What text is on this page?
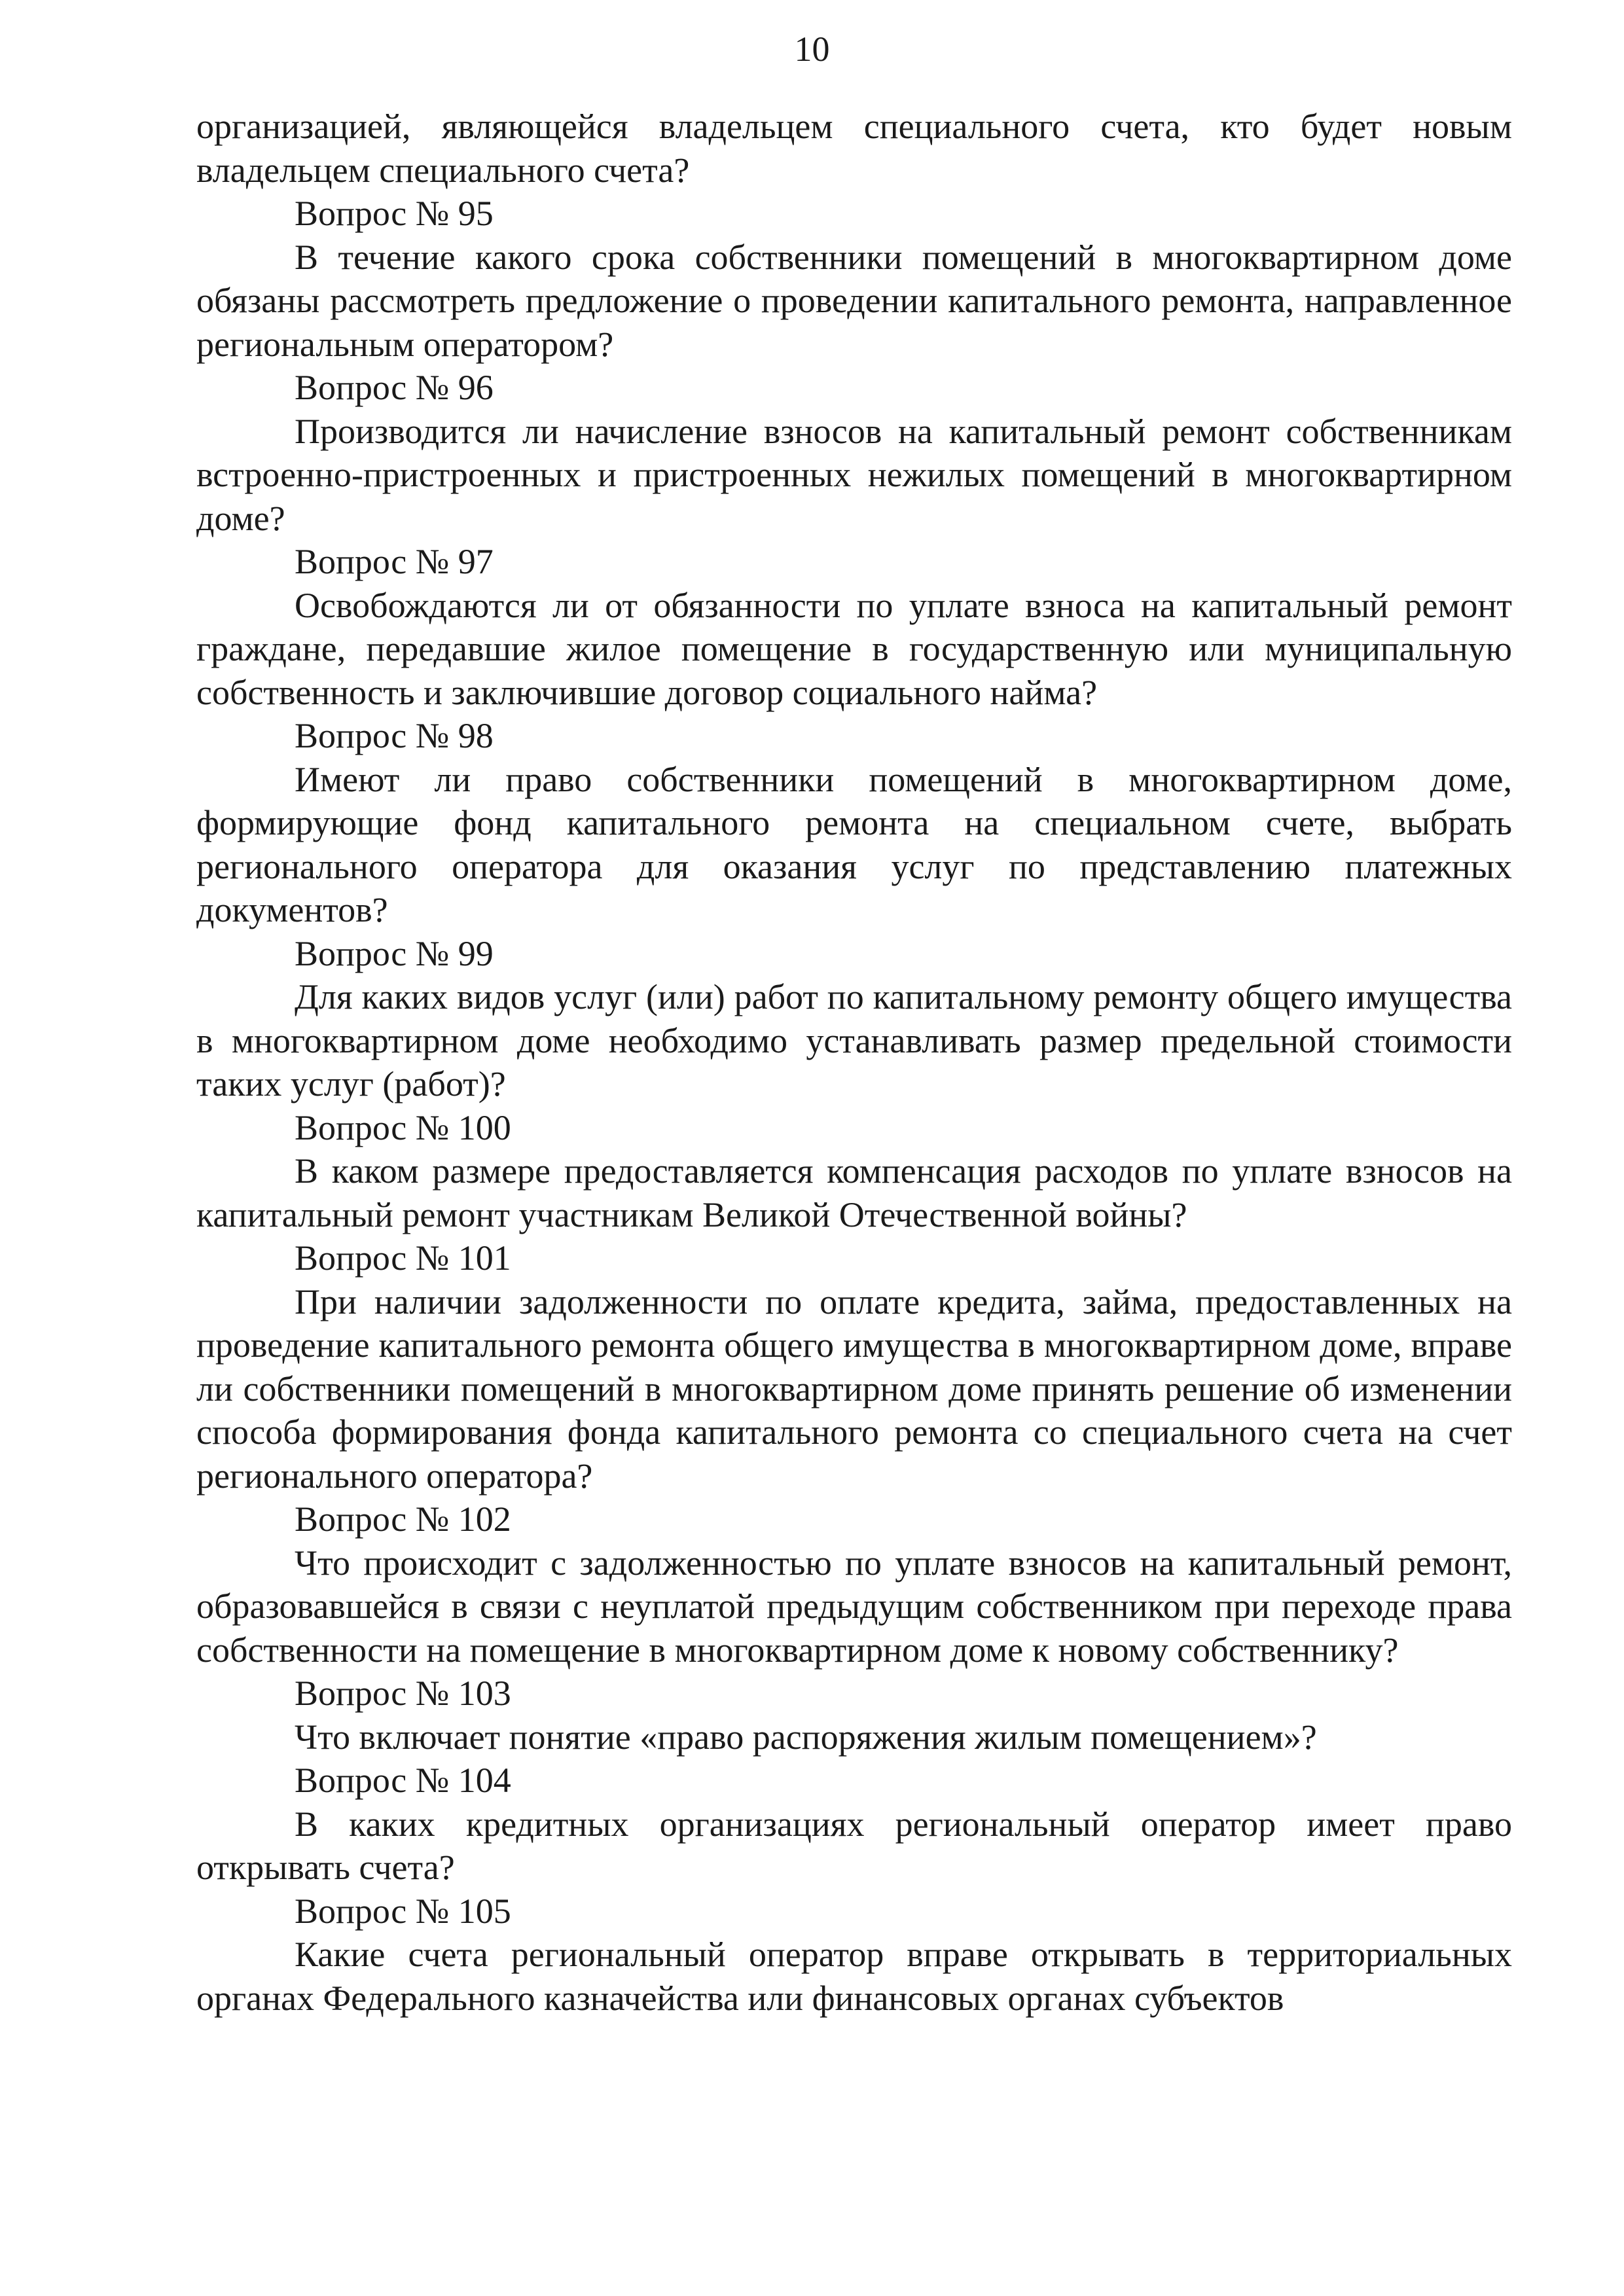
10

организацией, являющейся владельцем специального счета, кто будет новым владельцем специального счета?

Вопрос № 95

В течение какого срока собственники помещений в многоквартирном доме обязаны рассмотреть предложение о проведении капитального ремонта, направленное региональным оператором?

Вопрос № 96

Производится ли начисление взносов на капитальный ремонт собственникам встроенно-пристроенных и пристроенных нежилых помещений в многоквартирном доме?

Вопрос № 97

Освобождаются ли от обязанности по уплате взноса на капитальный ремонт граждане, передавшие жилое помещение в государственную или муниципальную собственность и заключившие договор социального найма?

Вопрос № 98

Имеют ли право собственники помещений в многоквартирном доме, формирующие фонд капитального ремонта на специальном счете, выбрать регионального оператора для оказания услуг по представлению платежных документов?

Вопрос № 99

Для каких видов услуг (или) работ по капитальному ремонту общего имущества в многоквартирном доме необходимо устанавливать размер предельной стоимости таких услуг (работ)?

Вопрос № 100

В каком размере предоставляется компенсация расходов по уплате взносов на капитальный ремонт участникам Великой Отечественной войны?

Вопрос № 101

При наличии задолженности по оплате кредита, займа, предоставленных на проведение капитального ремонта общего имущества в многоквартирном доме, вправе ли собственники помещений в многоквартирном доме принять решение об изменении способа формирования фонда капитального ремонта со специального счета на счет регионального оператора?

Вопрос № 102

Что происходит с задолженностью по уплате взносов на капитальный ремонт, образовавшейся в связи с неуплатой предыдущим собственником при переходе права собственности на помещение в многоквартирном доме к новому собственнику?

Вопрос № 103

Что включает понятие «право распоряжения жилым помещением»?

Вопрос № 104

В каких кредитных организациях региональный оператор имеет право открывать счета?

Вопрос № 105

Какие счета региональный оператор вправе открывать в территориальных органах Федерального казначейства или финансовых органах субъектов
